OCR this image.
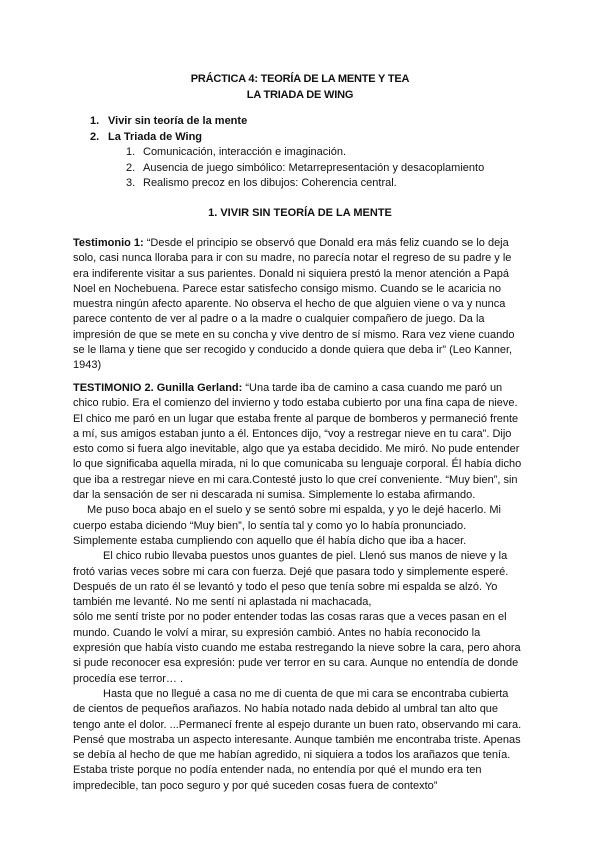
PRÁCTICA 4: TEORÍA DE LA MENTE Y TEA
LA TRIADA DE WING
1. Vivir sin teoría de la mente
2. La Triada de Wing
1. Comunicación, interacción e imaginación.
2. Ausencia de juego simbólico: Metarrepresentación y desacoplamiento
3. Realismo precoz en los dibujos: Coherencia central.
1. VIVIR SIN TEORÍA DE LA MENTE
Testimonio 1: “Desde el principio se observó que Donald era más feliz cuando se lo deja
solo, casi nunca lloraba para ir con su madre, no parecía notar el regreso de su padre y le
era indiferente visitar a sus parientes. Donald ni siquiera prestó la menor atención a Papá
Noel en Nochebuena. Parece estar satisfecho consigo mismo. Cuando se le acaricia no
muestra ningún afecto aparente. No observa el hecho de que alguien viene o va y nunca
parece contento de ver al padre o a la madre o cualquier compañero de juego. Da la
impresión de que se mete en su concha y vive dentro de sí mismo. Rara vez viene cuando
se le llama y tiene que ser recogido y conducido a donde quiera que deba ir” (Leo Kanner,
1943)
TESTIMONIO 2. Gunilla Gerland: “Una tarde iba de camino a casa cuando me paró un
chico rubio. Era el comienzo del invierno y todo estaba cubierto por una fina capa de nieve.
El chico me paró en un lugar que estaba frente al parque de bomberos y permaneció frente
a mí, sus amigos estaban junto a él. Entonces dijo, “voy a restregar nieve en tu cara”. Dijo
esto como si fuera algo inevitable, algo que ya estaba decidido. Me miró. No pude entender
lo que significaba aquella mirada, ni lo que comunicaba su lenguaje corporal. Él había dicho
que iba a restregar nieve en mi cara.Contesté justo lo que creí conveniente. “Muy bien”, sin
dar la sensación de ser ni descarada ni sumisa. Simplemente lo estaba afirmando.
Me puso boca abajo en el suelo y se sentó sobre mi espalda, y yo le dejé hacerlo. Mi
cuerpo estaba diciendo “Muy bien”, lo sentía tal y como yo lo había pronunciado.
Simplemente estaba cumpliendo con aquello que él había dicho que iba a hacer.
El chico rubio llevaba puestos unos guantes de piel. Llenó sus manos de nieve y la
frotó varias veces sobre mi cara con fuerza. Dejé que pasara todo y simplemente esperé.
Después de un rato él se levantó y todo el peso que tenía sobre mi espalda se alzó. Yo
también me levanté. No me sentí ni aplastada ni machacada,
sólo me sentí triste por no poder entender todas las cosas raras que a veces pasan en el
mundo. Cuando le volví a mirar, su expresión cambió. Antes no había reconocido la
expresión que había visto cuando me estaba restregando la nieve sobre la cara, pero ahora
si pude reconocer esa expresión: pude ver terror en su cara. Aunque no entendía de donde
procedía ese terror… .
Hasta que no llegué a casa no me di cuenta de que mi cara se encontraba cubierta
de cientos de pequeños arañazos. No había notado nada debido al umbral tan alto que
tengo ante el dolor. ...Permanecí frente al espejo durante un buen rato, observando mi cara.
Pensé que mostraba un aspecto interesante. Aunque también me encontraba triste. Apenas
se debía al hecho de que me habían agredido, ni siquiera a todos los arañazos que tenía.
Estaba triste porque no podía entender nada, no entendía por qué el mundo era ten
impredecible, tan poco seguro y por qué suceden cosas fuera de contexto”
